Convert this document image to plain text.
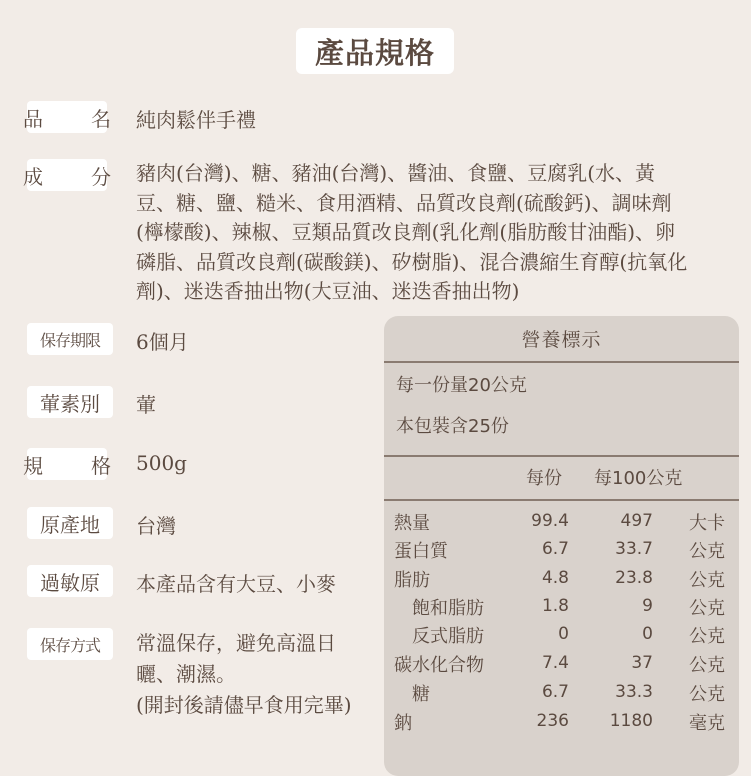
產品規格
品　名 純肉鬆伴手禮
成　分 豬肉(台灣)、糖、豬油(台灣)、醬油、食鹽、豆腐乳(水、黃
豆、糖、鹽、糙米、食用酒精、品質改良劑(硫酸鈣)、調味劑
(檸檬酸)、辣椒、豆類品質改良劑(乳化劑(脂肪酸甘油酯)、卵
磷脂、品質改良劑(碳酸鎂)、矽樹脂)、混合濃縮生育醇(抗氧化
劑)、迷迭香抽出物(大豆油、迷迭香抽出物)
保存期限	6個月
葷素別	葷
規　格 500g
原產地	台灣
過敏原	本產品含有大豆、小麥
保存方式	常溫保存，避免高溫日
曬、潮濕。
(開封後請儘早食用完畢)
營養標示
每一份量20公克
本包裝含25份
每份 每100公克
熱量	99.4	497 大卡
蛋白質	6.7	33.7 公克
脂肪	4.8	23.8 公克
　飽和脂肪	1.8	9 公克
　反式脂肪	0	0 公克
碳水化合物	7.4	37 公克
　糖	6.7	33.3 公克
鈉	236 1180 毫克
